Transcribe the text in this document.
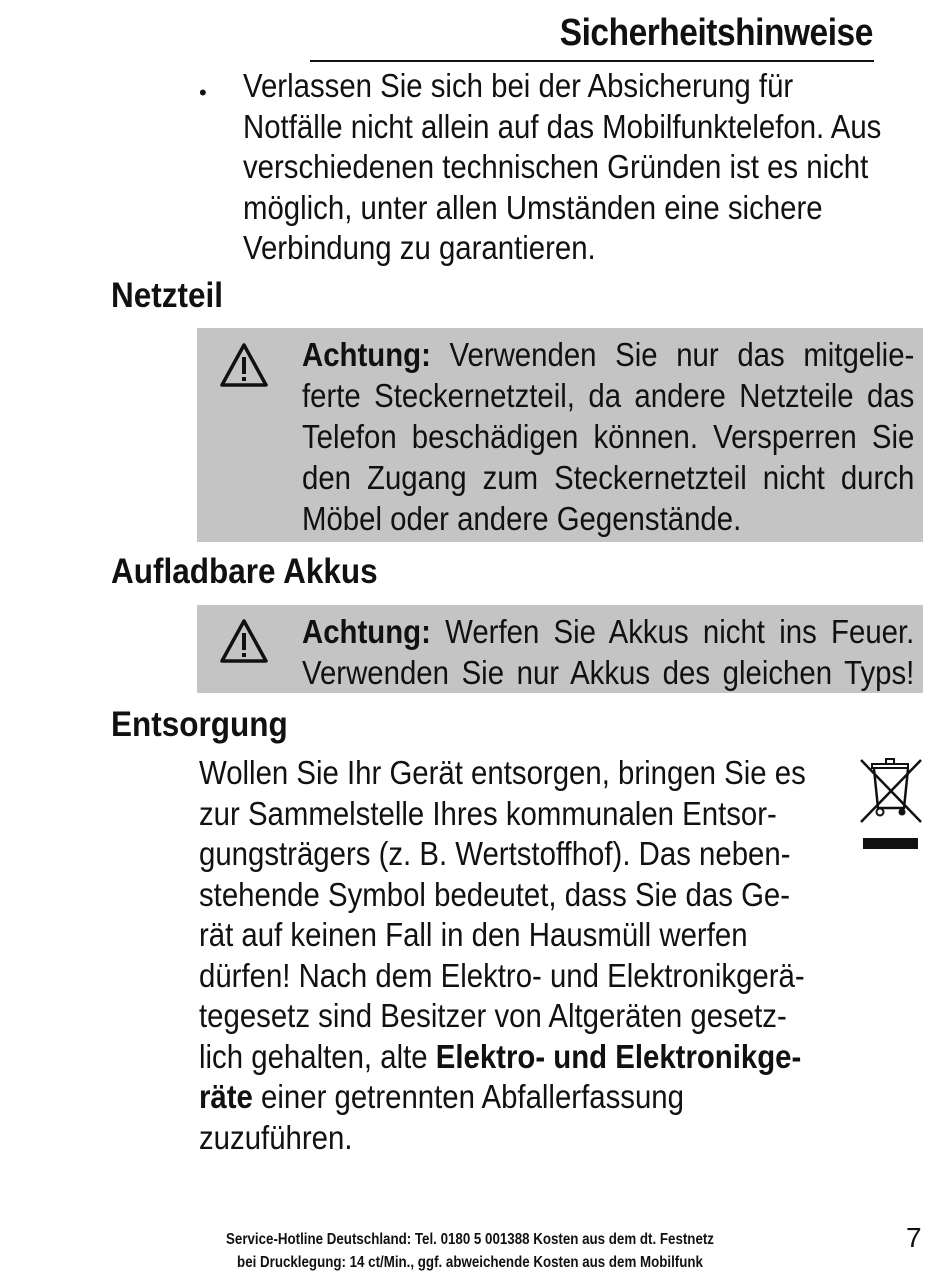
Sicherheitshinweise
• Verlassen Sie sich bei der Absicherung für
Notfälle nicht allein auf das Mobilfunktelefon. Aus
verschiedenen technischen Gründen ist es nicht
möglich, unter allen Umständen eine sichere
Verbindung zu garantieren.
Netzteil
Achtung: Verwenden Sie nur das mitgelie-
ferte Steckernetzteil, da andere Netzteile das
Telefon beschädigen können. Versperren Sie
den Zugang zum Steckernetzteil nicht durch
Möbel oder andere Gegenstände.
Aufladbare Akkus
Achtung: Werfen Sie Akkus nicht ins Feuer.
Verwenden Sie nur Akkus des gleichen Typs!
Entsorgung
Wollen Sie Ihr Gerät entsorgen, bringen Sie es
zur Sammelstelle Ihres kommunalen Entsor-
gungsträgers (z. B. Wertstoffhof). Das neben-
stehende Symbol bedeutet, dass Sie das Ge-
rät auf keinen Fall in den Hausmüll werfen
dürfen! Nach dem Elektro- und Elektronikgerä-
tegesetz sind Besitzer von Altgeräten gesetz-
lich gehalten, alte Elektro- und Elektronikge-
räte einer getrennten Abfallerfassung
zuzuführen.
Service-Hotline Deutschland: Tel. 0180 5 001388 Kosten aus dem dt. Festnetz
bei Drucklegung: 14 ct/Min., ggf. abweichende Kosten aus dem Mobilfunk
7
